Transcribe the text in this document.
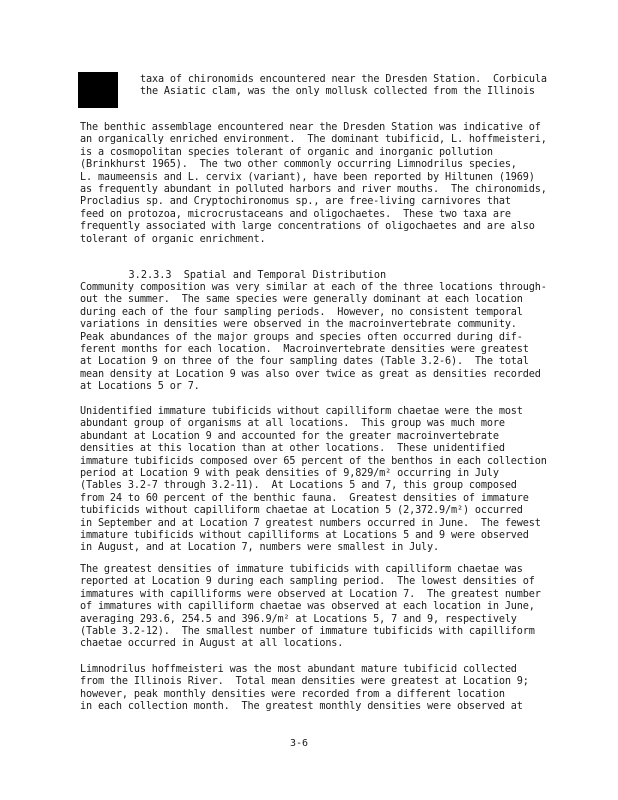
taxa of chironomids encountered near the Dresden Station.  Corbicula
the Asiatic clam, was the only mollusk collected from the Illinois
The benthic assemblage encountered near the Dresden Station was indicative of
an organically enriched environment.  The dominant tubificid, L. hoffmeisteri,
is a cosmopolitan species tolerant of organic and inorganic pollution
(Brinkhurst 1965).  The two other commonly occurring Limnodrilus species,
L. maumeensis and L. cervix (variant), have been reported by Hiltunen (1969)
as frequently abundant in polluted harbors and river mouths.  The chironomids,
Procladius sp. and Cryptochironomus sp., are free-living carnivores that
feed on protozoa, microcrustaceans and oligochaetes.  These two taxa are
frequently associated with large concentrations of oligochaetes and are also
tolerant of organic enrichment.

3.2.3.3  Spatial and Temporal Distribution

Community composition was very similar at each of the three locations through-
out the summer.  The same species were generally dominant at each location
during each of the four sampling periods.  However, no consistent temporal
variations in densities were observed in the macroinvertebrate community.
Peak abundances of the major groups and species often occurred during dif-
ferent months for each location.  Macroinvertebrate densities were greatest
at Location 9 on three of the four sampling dates (Table 3.2-6).  The total
mean density at Location 9 was also over twice as great as densities recorded
at Locations 5 or 7.
Unidentified immature tubificids without capilliform chaetae were the most
abundant group of organisms at all locations.  This group was much more
abundant at Location 9 and accounted for the greater macroinvertebrate
densities at this location than at other locations.  These unidentified
immature tubificids composed over 65 percent of the benthos in each collection
period at Location 9 with peak densities of 9,829/m² occurring in July
(Tables 3.2-7 through 3.2-11).  At Locations 5 and 7, this group composed
from 24 to 60 percent of the benthic fauna.  Greatest densities of immature
tubificids without capilliform chaetae at Location 5 (2,372.9/m²) occurred
in September and at Location 7 greatest numbers occurred in June.  The fewest
immature tubificids without capilliforms at Locations 5 and 9 were observed
in August, and at Location 7, numbers were smallest in July.
The greatest densities of immature tubificids with capilliform chaetae was
reported at Location 9 during each sampling period.  The lowest densities of
immatures with capilliforms were observed at Location 7.  The greatest number
of immatures with capilliform chaetae was observed at each location in June,
averaging 293.6, 254.5 and 396.9/m² at Locations 5, 7 and 9, respectively
(Table 3.2-12).  The smallest number of immature tubificids with capilliform
chaetae occurred in August at all locations.
Limnodrilus hoffmeisteri was the most abundant mature tubificid collected
from the Illinois River.  Total mean densities were greatest at Location 9;
however, peak monthly densities were recorded from a different location
in each collection month.  The greatest monthly densities were observed at
3-6
